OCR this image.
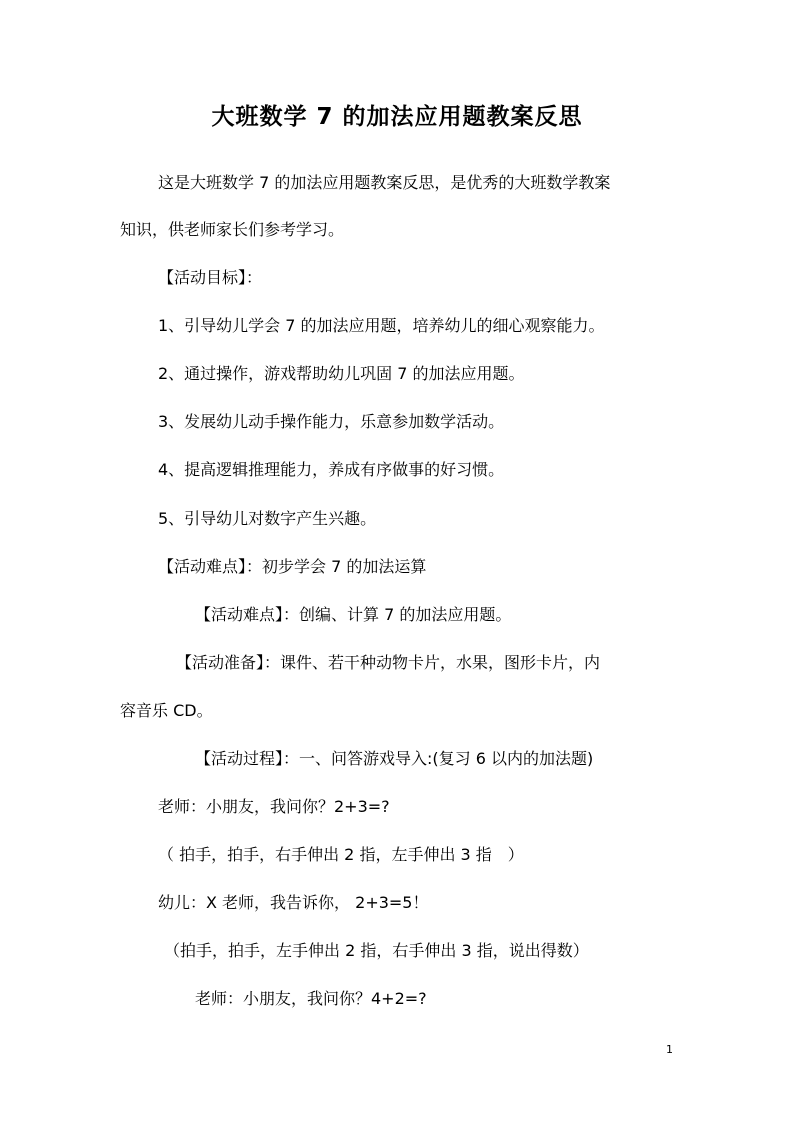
大班数学 7 的加法应用题教案反思
这是大班数学 7 的加法应用题教案反思，是优秀的大班数学教案
知识，供老师家长们参考学习。
【活动目标】：
1、引导幼儿学会 7 的加法应用题，培养幼儿的细心观察能力。
2、通过操作，游戏帮助幼儿巩固 7 的加法应用题。
3、发展幼儿动手操作能力，乐意参加数学活动。
4、提高逻辑推理能力，养成有序做事的好习惯。
5、引导幼儿对数字产生兴趣。
【活动难点】：初步学会 7 的加法运算
【活动难点】：创编、计算 7 的加法应用题。
【活动准备】：课件、若干种动物卡片，水果，图形卡片，内
容音乐 CD。
【活动过程】：一、问答游戏导入:(复习 6 以内的加法题)
老师：小朋友，我问你？2+3=?
（ 拍手，拍手，右手伸出 2 指，左手伸出 3 指　）
幼儿：X 老师，我告诉你， 2+3=5！
（拍手，拍手，左手伸出 2 指，右手伸出 3 指，说出得数）
老师：小朋友，我问你？4+2=?
1
